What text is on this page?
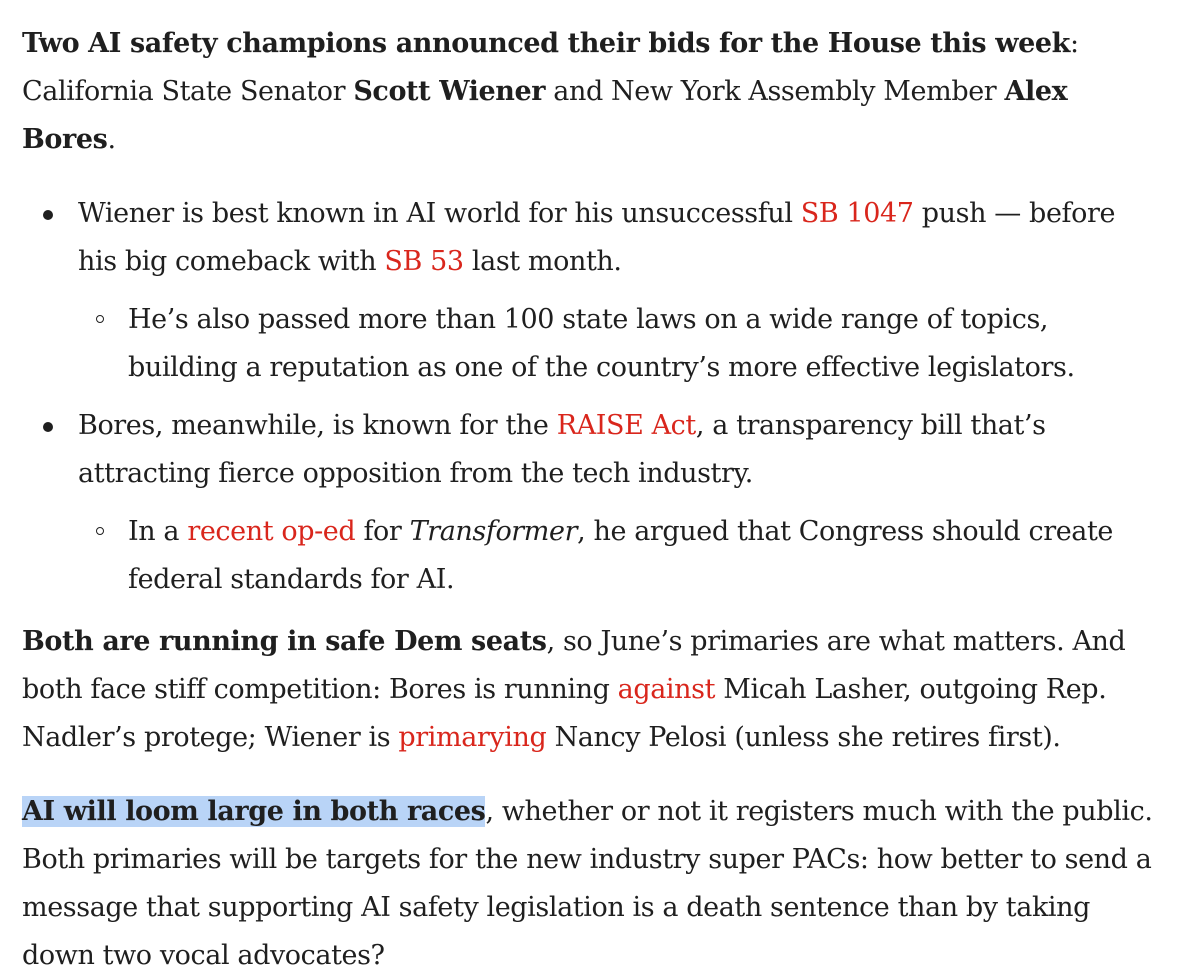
Two AI safety champions announced their bids for the House this week: California State Senator Scott Wiener and New York Assembly Member Alex Bores.

Wiener is best known in AI world for his unsuccessful SB 1047 push — before his big comeback with SB 53 last month.
He’s also passed more than 100 state laws on a wide range of topics, building a reputation as one of the country’s more effective legislators.
Bores, meanwhile, is known for the RAISE Act, a transparency bill that’s attracting fierce opposition from the tech industry.
In a recent op-ed for Transformer, he argued that Congress should create federal standards for AI.

Both are running in safe Dem seats, so June’s primaries are what matters. And both face stiff competition: Bores is running against Micah Lasher, outgoing Rep. Nadler’s protege; Wiener is primarying Nancy Pelosi (unless she retires first).

AI will loom large in both races, whether or not it registers much with the public. Both primaries will be targets for the new industry super PACs: how better to send a message that supporting AI safety legislation is a death sentence than by taking down two vocal advocates?
